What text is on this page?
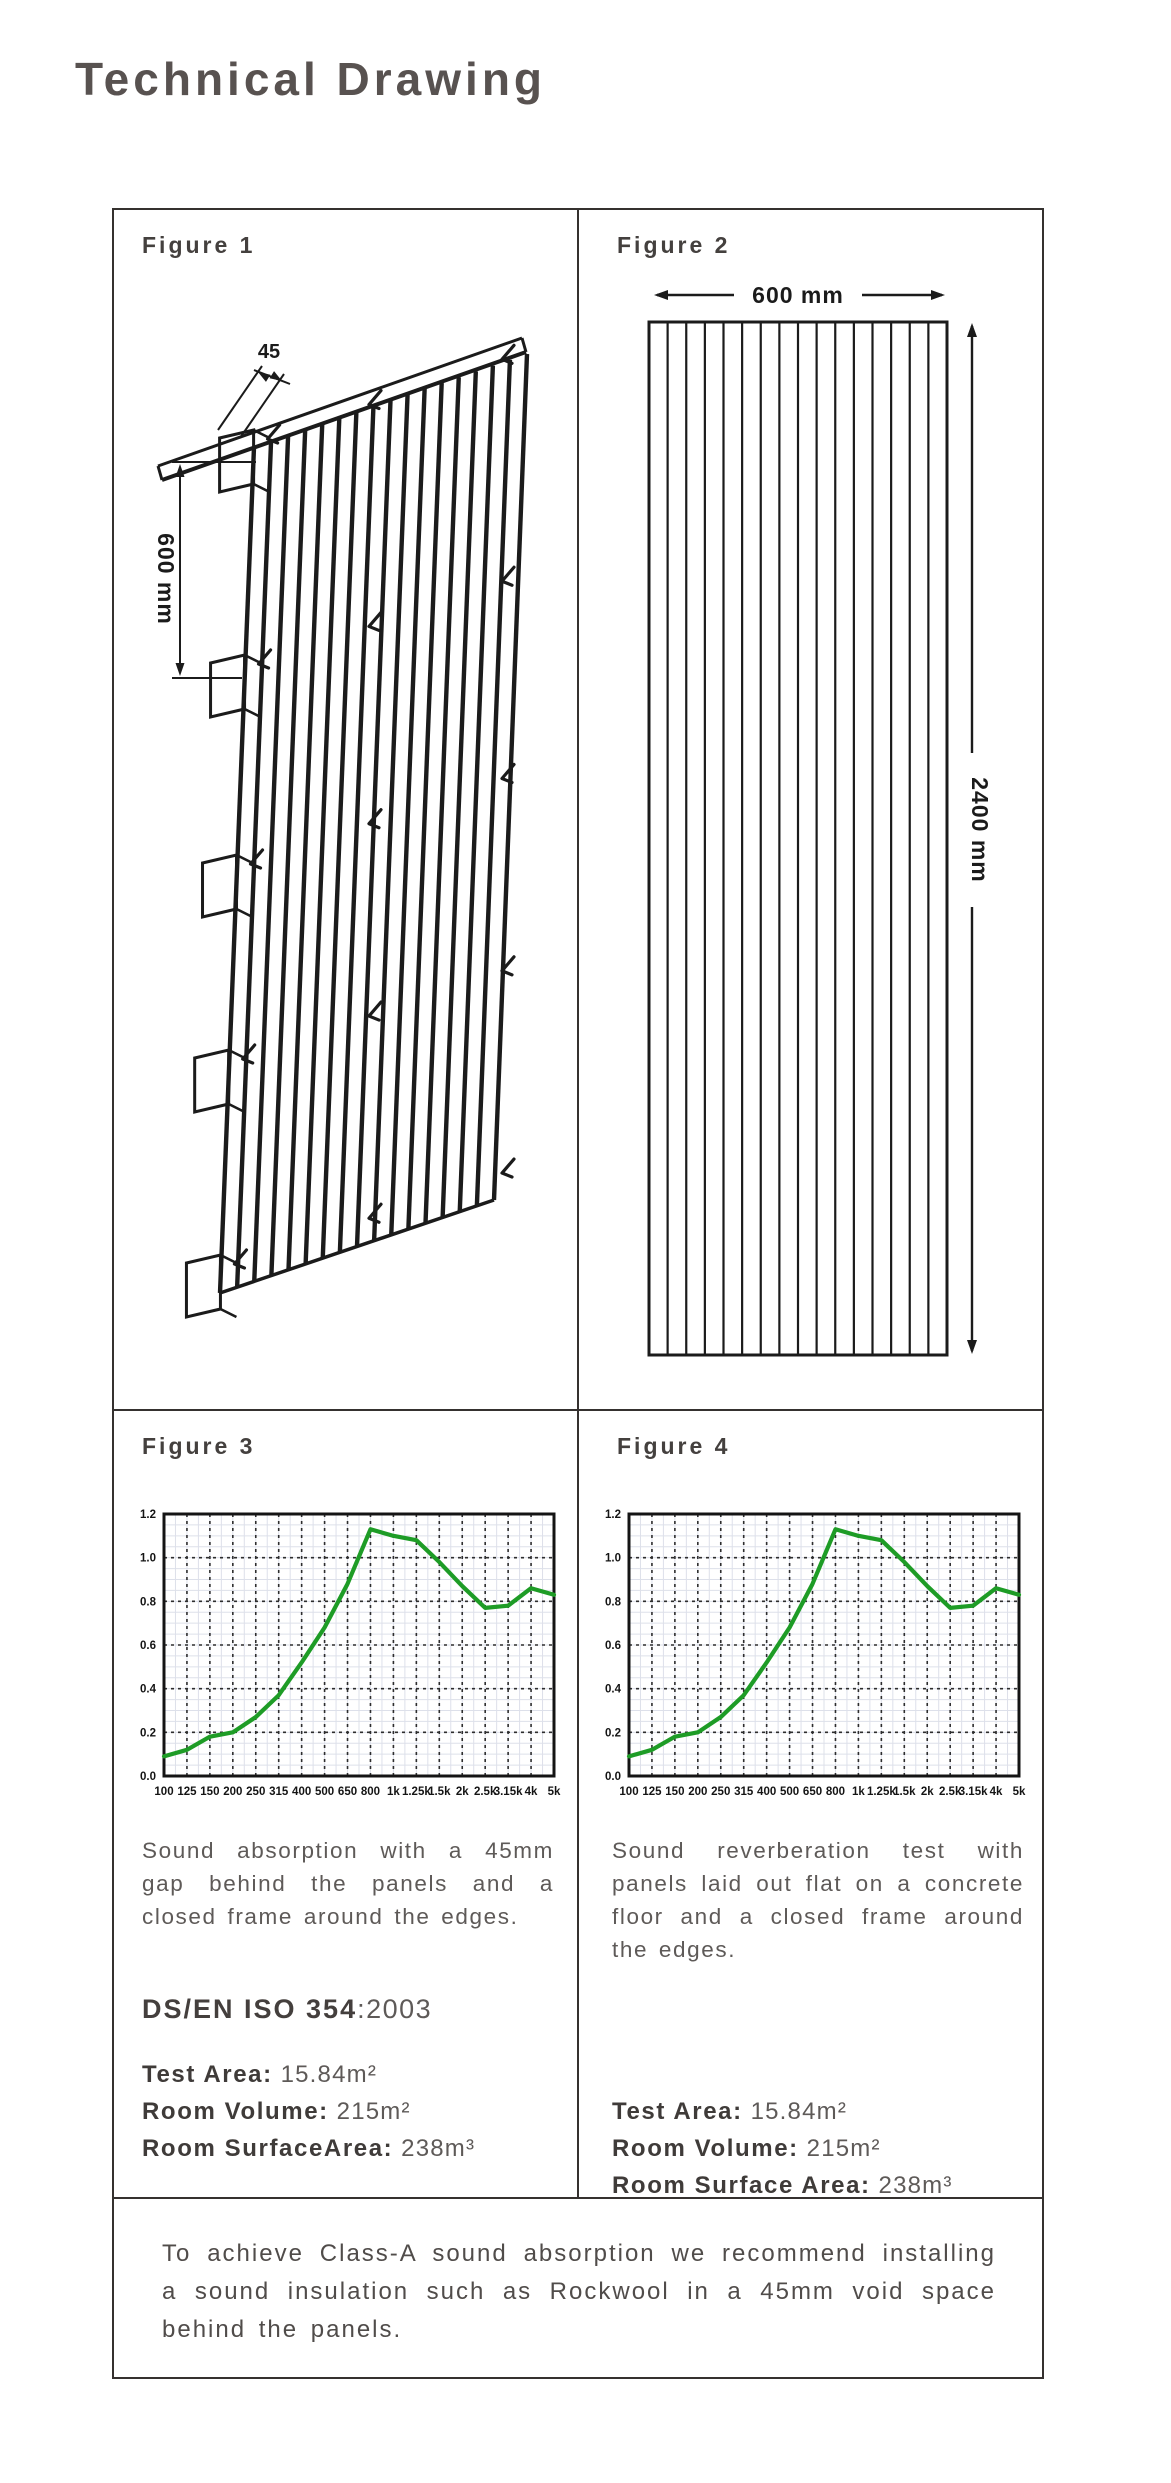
Technical Drawing
Figure 1
45
600 mm
Figure 2
600 mm
2400 mm
Figure 3
0.0
0.2
0.4
0.6
0.8
1.0
1.2
100 125 150 200 250 315 400 500 650 800 1k 1.25k
1.5k 2k 2.5k
3.15k 4k 5k
Sound absorption with a 45mm gap behind the panels and a closed frame around the edges.
DS/EN ISO 354:2003
Test Area: 15.84m²
Room Volume: 215m²
Room SurfaceArea: 238m³
Figure 4
0.0
0.2
0.4
0.6
0.8
1.0
1.2
100 125 150 200 250 315 400 500 650 800 1k 1.25k
1.5k 2k 2.5k
3.15k 4k 5k
Sound reverberation test with panels laid out flat on a concrete floor and a closed frame around the edges.
Test Area: 15.84m²
Room Volume: 215m²
Room Surface Area: 238m³
To achieve Class-A sound absorption we recommend installing a sound insulation such as Rockwool in a 45mm void space behind the panels.
